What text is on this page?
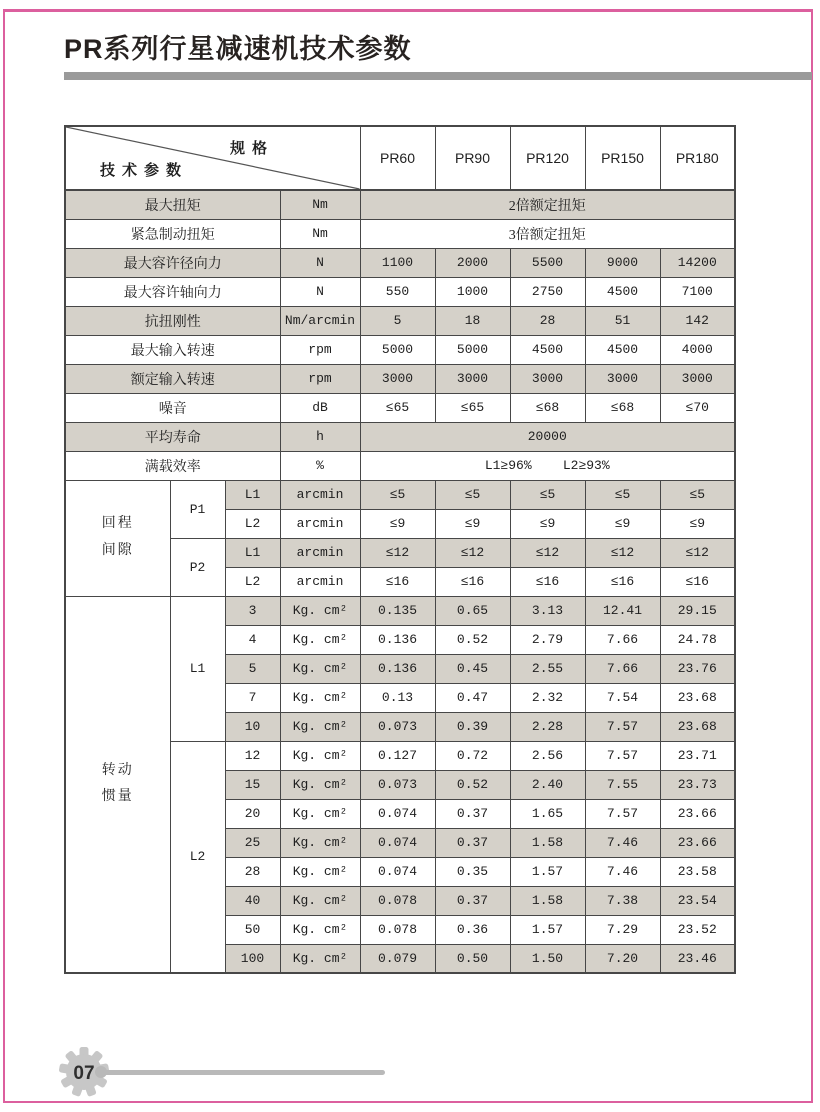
PR系列行星减速机技术参数
规格
技术参数				PR60	PR90	PR120	PR150	PR180
最大扭矩			Nm	2倍额定扭矩				
紧急制动扭矩			Nm	3倍额定扭矩				
最大容许径向力			N	1100	2000	5500	9000	14200
最大容许轴向力			N	550	1000	2750	4500	7100
抗扭刚性			Nm/arcmin	5	18	28	51	142
最大输入转速			rpm	5000	5000	4500	4500	4000
额定输入转速			rpm	3000	3000	3000	3000	3000
噪音			dB	≤65	≤65	≤68	≤68	≤70
平均寿命			h	20000				
满载效率			%	L1≥96%    L2≥93%				
回程间隙	P1	L1	arcmin	≤5	≤5	≤5	≤5	≤5
		L2	arcmin	≤9	≤9	≤9	≤9	≤9
	P2	L1	arcmin	≤12	≤12	≤12	≤12	≤12
		L2	arcmin	≤16	≤16	≤16	≤16	≤16
转动惯量	L1	3	Kg. cm²	0.135	0.65	3.13	12.41	29.15
		4	Kg. cm²	0.136	0.52	2.79	7.66	24.78
		5	Kg. cm²	0.136	0.45	2.55	7.66	23.76
		7	Kg. cm²	0.13	0.47	2.32	7.54	23.68
		10	Kg. cm²	0.073	0.39	2.28	7.57	23.68
	L2	12	Kg. cm²	0.127	0.72	2.56	7.57	23.71
		15	Kg. cm²	0.073	0.52	2.40	7.55	23.73
		20	Kg. cm²	0.074	0.37	1.65	7.57	23.66
		25	Kg. cm²	0.074	0.37	1.58	7.46	23.66
		28	Kg. cm²	0.074	0.35	1.57	7.46	23.58
		40	Kg. cm²	0.078	0.37	1.58	7.38	23.54
		50	Kg. cm²	0.078	0.36	1.57	7.29	23.52
		100	Kg. cm²	0.079	0.50	1.50	7.20	23.46
07
